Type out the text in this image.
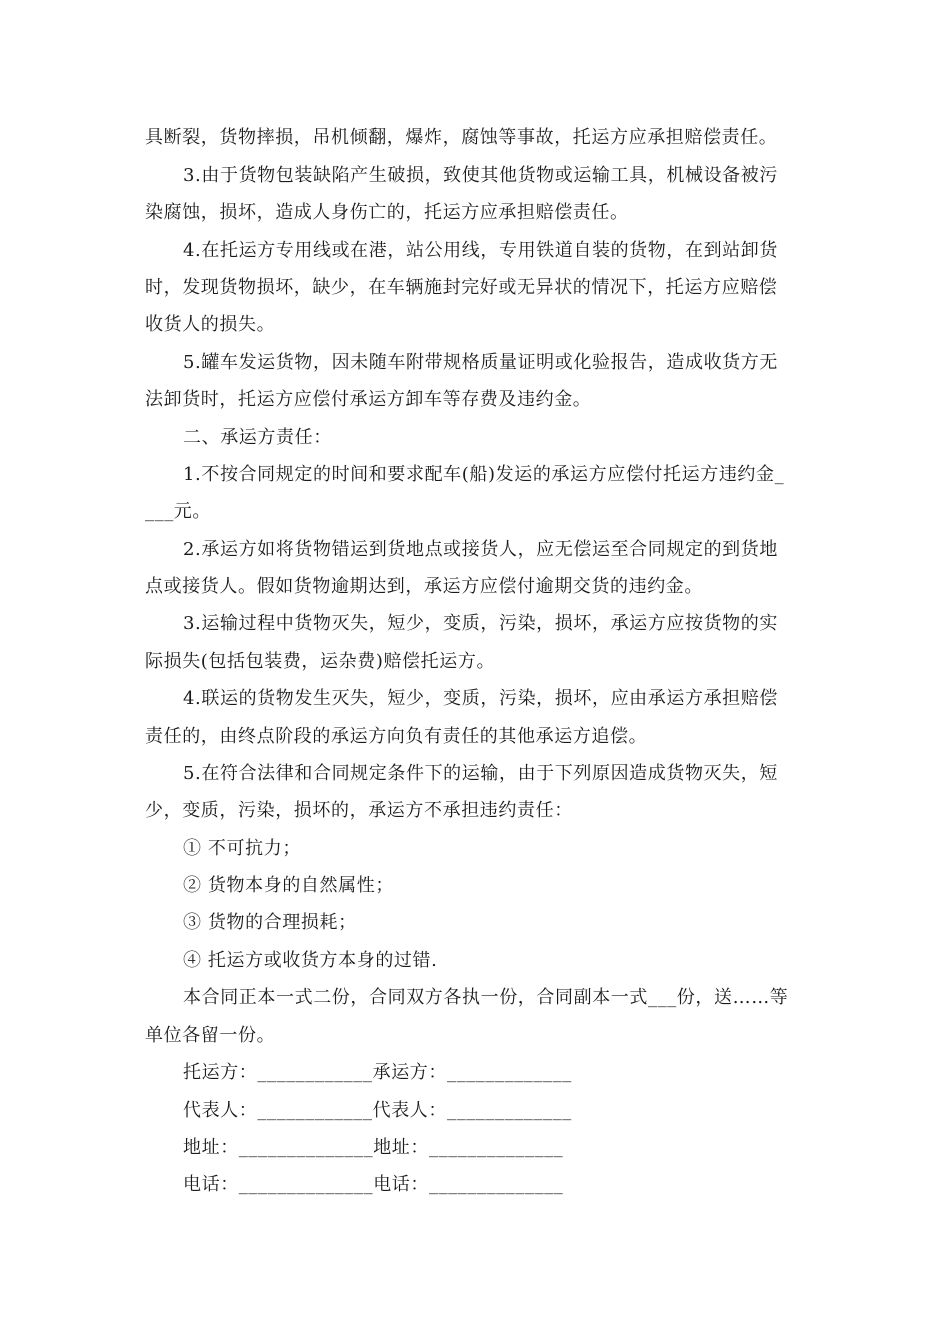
具断裂，货物摔损，吊机倾翻，爆炸，腐蚀等事故，托运方应承担赔偿责任。
3.由于货物包装缺陷产生破损，致使其他货物或运输工具，机械设备被污
染腐蚀，损坏，造成人身伤亡的，托运方应承担赔偿责任。
4.在托运方专用线或在港，站公用线，专用铁道自装的货物，在到站卸货
时，发现货物损坏，缺少，在车辆施封完好或无异状的情况下，托运方应赔偿
收货人的损失。
5.罐车发运货物，因未随车附带规格质量证明或化验报告，造成收货方无
法卸货时，托运方应偿付承运方卸车等存费及违约金。
二、承运方责任：
1.不按合同规定的时间和要求配车(船)发运的承运方应偿付托运方违约金_
___元。
2.承运方如将货物错运到货地点或接货人，应无偿运至合同规定的到货地
点或接货人。假如货物逾期达到，承运方应偿付逾期交货的违约金。
3.运输过程中货物灭失，短少，变质，污染，损坏，承运方应按货物的实
际损失(包括包装费，运杂费)赔偿托运方。
4.联运的货物发生灭失，短少，变质，污染，损坏，应由承运方承担赔偿
责任的，由终点阶段的承运方向负有责任的其他承运方追偿。
5.在符合法律和合同规定条件下的运输，由于下列原因造成货物灭失，短
少，变质，污染，损坏的，承运方不承担违约责任：
① 不可抗力；
② 货物本身的自然属性；
③ 货物的合理损耗；
④ 托运方或收货方本身的过错.
本合同正本一式二份，合同双方各执一份，合同副本一式___份，送……等
单位各留一份。
托运方：____________承运方：_____________
代表人：____________代表人：_____________
地址：______________地址：______________
电话：______________电话：______________
